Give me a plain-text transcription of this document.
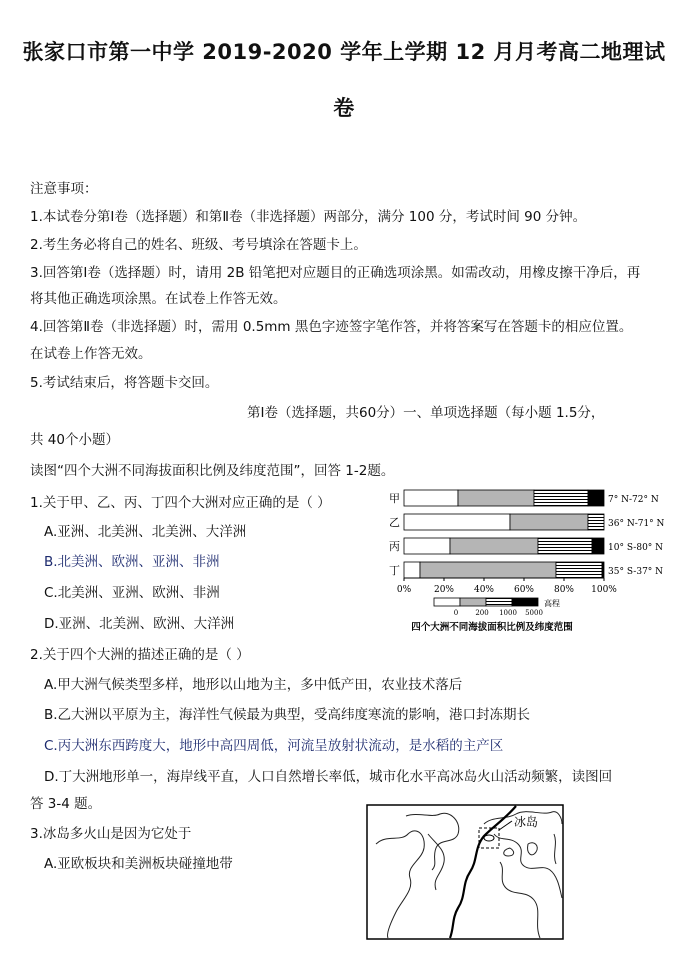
张家口市第一中学 2019-2020 学年上学期 12 月月考高二地理试
卷
注意事项：
1.本试卷分第Ⅰ卷（选择题）和第Ⅱ卷（非选择题）两部分，满分 100 分，考试时间 90 分钟。
2.考生务必将自己的姓名、班级、考号填涂在答题卡上。
3.回答第Ⅰ卷（选择题）时，请用 2B 铅笔把对应题目的正确选项涂黑。如需改动，用橡皮擦干净后，再
将其他正确选项涂黑。在试卷上作答无效。
4.回答第Ⅱ卷（非选择题）时，需用 0.5mm 黑色字迹签字笔作答，并将答案写在答题卡的相应位置。
在试卷上作答无效。
5.考试结束后，将答题卡交回。
第Ⅰ卷（选择题，共60分）一、单项选择题（每小题 1.5分，
共 40个小题）
读图“四个大洲不同海拔面积比例及纬度范围”，回答 1-2题。
1.关于甲、乙、丙、丁四个大洲对应正确的是（ ）
A.亚洲、北美洲、北美洲、大洋洲
B.北美洲、欧洲、亚洲、非洲
C.北美洲、亚洲、欧洲、非洲
D.亚洲、北美洲、欧洲、大洋洲
2.关于四个大洲的描述正确的是（ ）
A.甲大洲气候类型多样，地形以山地为主，多中低产田，农业技术落后
B.乙大洲以平原为主，海洋性气候最为典型，受高纬度寒流的影响，港口封冻期长
C.丙大洲东西跨度大，地形中高四周低，河流呈放射状流动，是水稻的主产区
D.丁大洲地形单一，海岸线平直，人口自然增长率低，城市化水平高冰岛火山活动频繁，读图回
答 3-4 题。
3.冰岛多火山是因为它处于
A.亚欧板块和美洲板块碰撞地带
甲	7° N-72° N
乙	36° N-71° N
丙	10° S-80° N
丁	35° S-37° N
0%	20% 40% 60% 80% 100%
0 200 1000 5000
高程
四个大洲不同海拔面积比例及纬度范围
冰岛
